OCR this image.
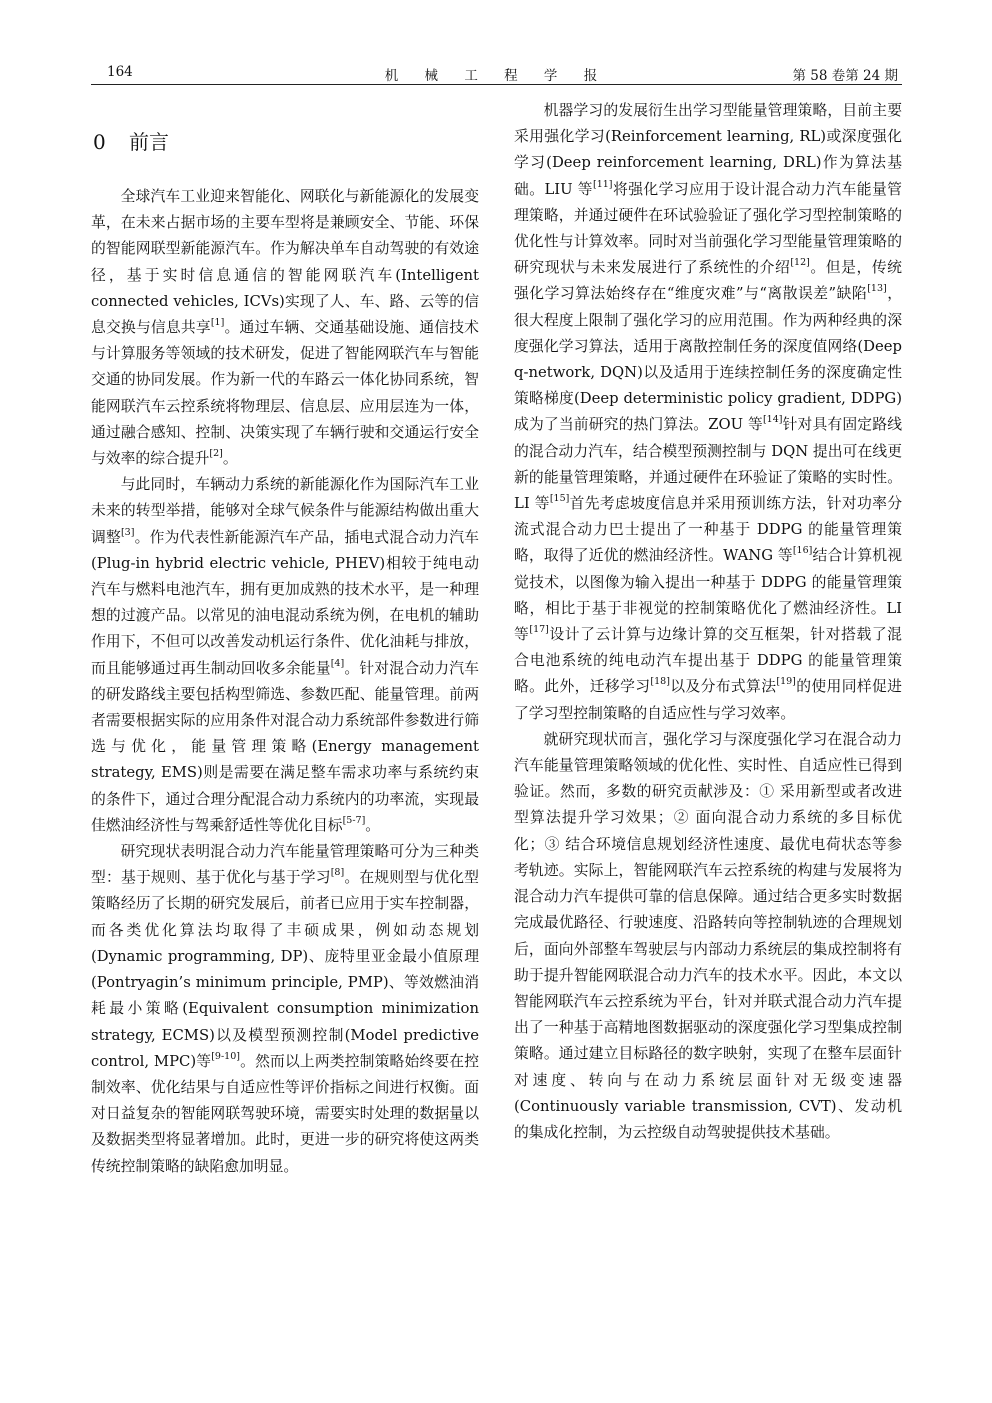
164	机 械 工 程 学 报	第 58 卷第 24 期
0 前言

全球汽车工业迎来智能化、网联化与新能源化的发展变革，在未来占据市场的主要车型将是兼顾安全、节能、环保的智能网联型新能源汽车。作为解决单车自动驾驶的有效途径，基于实时信息通信的智能网联汽车(Intelligent connected vehicles, ICVs)实现了人、车、路、云等的信息交换与信息共享[1]。通过车辆、交通基础设施、通信技术与计算服务等领域的技术研发，促进了智能网联汽车与智能交通的协同发展。作为新一代的车路云一体化协同系统，智能网联汽车云控系统将物理层、信息层、应用层连为一体，通过融合感知、控制、决策实现了车辆行驶和交通运行安全与效率的综合提升[2]。

与此同时，车辆动力系统的新能源化作为国际汽车工业未来的转型举措，能够对全球气候条件与能源结构做出重大调整[3]。作为代表性新能源汽车产品，插电式混合动力汽车(Plug-in hybrid electric vehicle, PHEV)相较于纯电动汽车与燃料电池汽车，拥有更加成熟的技术水平，是一种理想的过渡产品。以常见的油电混动系统为例，在电机的辅助作用下，不但可以改善发动机运行条件、优化油耗与排放，而且能够通过再生制动回收多余能量[4]。针对混合动力汽车的研发路线主要包括构型筛选、参数匹配、能量管理。前两者需要根据实际的应用条件对混合动力系统部件参数进行筛选与优化，能量管理策略(Energy management strategy, EMS)则是需要在满足整车需求功率与系统约束的条件下，通过合理分配混合动力系统内的功率流，实现最佳燃油经济性与驾乘舒适性等优化目标[5-7]。

研究现状表明混合动力汽车能量管理策略可分为三种类型：基于规则、基于优化与基于学习[8]。在规则型与优化型策略经历了长期的研究发展后，前者已应用于实车控制器，而各类优化算法均取得了丰硕成果，例如动态规划(Dynamic programming, DP)、庞特里亚金最小值原理(Pontryagin’s minimum principle, PMP)、等效燃油消耗最小策略(Equivalent consumption minimization strategy, ECMS)以及模型预测控制(Model predictive control, MPC)等[9-10]。然而以上两类控制策略始终要在控制效率、优化结果与自适应性等评价指标之间进行权衡。面对日益复杂的智能网联驾驶环境，需要实时处理的数据量以及数据类型将显著增加。此时，更进一步的研究将使这两类传统控制策略的缺陷愈加明显。

机器学习的发展衍生出学习型能量管理策略，目前主要采用强化学习(Reinforcement learning, RL)或深度强化学习(Deep reinforcement learning, DRL)作为算法基础。LIU 等[11]将强化学习应用于设计混合动力汽车能量管理策略，并通过硬件在环试验验证了强化学习型控制策略的优化性与计算效率。同时对当前强化学习型能量管理策略的研究现状与未来发展进行了系统性的介绍[12]。但是，传统强化学习算法始终存在“维度灾难”与“离散误差”缺陷[13]，很大程度上限制了强化学习的应用范围。作为两种经典的深度强化学习算法，适用于离散控制任务的深度值网络(Deep q-network, DQN)以及适用于连续控制任务的深度确定性策略梯度(Deep deterministic policy gradient, DDPG)成为了当前研究的热门算法。ZOU 等[14]针对具有固定路线的混合动力汽车，结合模型预测控制与 DQN 提出可在线更新的能量管理策略，并通过硬件在环验证了策略的实时性。LI 等[15]首先考虑坡度信息并采用预训练方法，针对功率分流式混合动力巴士提出了一种基于 DDPG 的能量管理策略，取得了近优的燃油经济性。WANG 等[16]结合计算机视觉技术，以图像为输入提出一种基于 DDPG 的能量管理策略，相比于基于非视觉的控制策略优化了燃油经济性。LI 等[17]设计了云计算与边缘计算的交互框架，针对搭载了混合电池系统的纯电动汽车提出基于 DDPG 的能量管理策略。此外，迁移学习[18]以及分布式算法[19]的使用同样促进了学习型控制策略的自适应性与学习效率。

就研究现状而言，强化学习与深度强化学习在混合动力汽车能量管理策略领域的优化性、实时性、自适应性已得到验证。然而，多数的研究贡献涉及：① 采用新型或者改进型算法提升学习效果；② 面向混合动力系统的多目标优化；③ 结合环境信息规划经济性速度、最优电荷状态等参考轨迹。实际上，智能网联汽车云控系统的构建与发展将为混合动力汽车提供可靠的信息保障。通过结合更多实时数据完成最优路径、行驶速度、沿路转向等控制轨迹的合理规划后，面向外部整车驾驶层与内部动力系统层的集成控制将有助于提升智能网联混合动力汽车的技术水平。因此，本文以智能网联汽车云控系统为平台，针对并联式混合动力汽车提出了一种基于高精地图数据驱动的深度强化学习型集成控制策略。通过建立目标路径的数字映射，实现了在整车层面针对速度、转向与在动力系统层面针对无级变速器(Continuously variable transmission, CVT)、发动机的集成化控制，为云控级自动驾驶提供技术基础。
